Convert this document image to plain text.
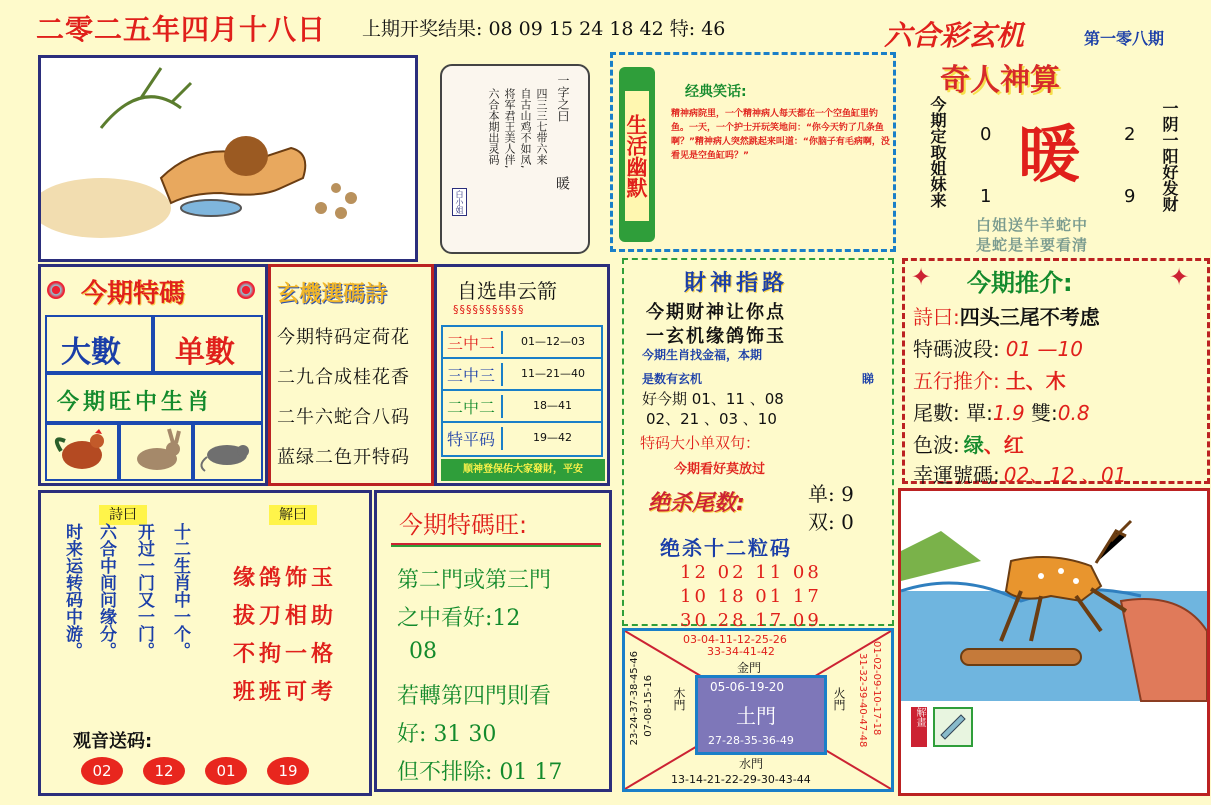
二零二五年四月十八日 上期开奖结果: 08 09 15 24 18 42 特: 46	六合彩玄机	第一零八期
一字之曰
暖
四三三七带六来
自古山鸡不如凤,
将军君王美人伴,
六合本期出灵码
白小姐
生活幽默
经典笑话:
精神病院里，一个精神病人每天都在一个空鱼缸里钓鱼。一天，一个护士开玩笑地问：“你今天钓了几条鱼啊？”精神病人突然跳起来叫道：“你脑子有毛病啊，没看见是空鱼缸吗？”
奇人神算
今期定取姐妹来	一阴一阳好发财
0	2
1	9
暖
白姐送牛羊蛇中
是蛇是羊要看清
今期特碼
大數 单數
今期旺中生肖
玄機選碼詩
今期特码定荷花
二九合成桂花香
二牛六蛇合八码
蓝绿二色开特码
自选串云箭
§§§§§§§§§§§
三中二	01—12—03
三中三	11—21—40
二中二	18—41
特平码	19—42
顺神登保佑大家發財，平安
財神指路
今期财神让你点
一玄机缘鸽饰玉
今期生肖找金福，本期
是数有玄机	睇
好今期 01、11 、08
02、21 、03 、10
特码大小单双句：
今期看好莫放过
绝杀尾数:	单: 9
双: 0
绝杀十二粒码
12 02 11 08
10 18 01 17
30 28 17 09
✦	✦
今期推介:
詩曰:四头三尾不考虑
特碼波段: 01 —10
五行推介: 土、木
尾數: 單:1.9 雙:0.8
色波: 绿、红
幸運號碼: 02、12 、01
解畫
詩曰
时来运转码中游。 六合中间问缘分。 开过一门又一门。 十二生肖中一个。
解曰
缘鸽饰玉
拔刀相助
不拘一格
班班可考
观音送码:
02	12	01	19
今期特碼旺:
第二門或第三門
之中看好:12
08
若轉第四門則看
好: 31 30
但不排除: 01 17
03-04-11-12-25-26
33-34-41-42
金門
木門	火門
水門
05-06-19-20
土門
27-28-35-36-49
07-08-15-16
23-24-37-38-45-46	01-02-09-10-17-18
31-32-39-40-47-48
13-14-21-22-29-30-43-44
